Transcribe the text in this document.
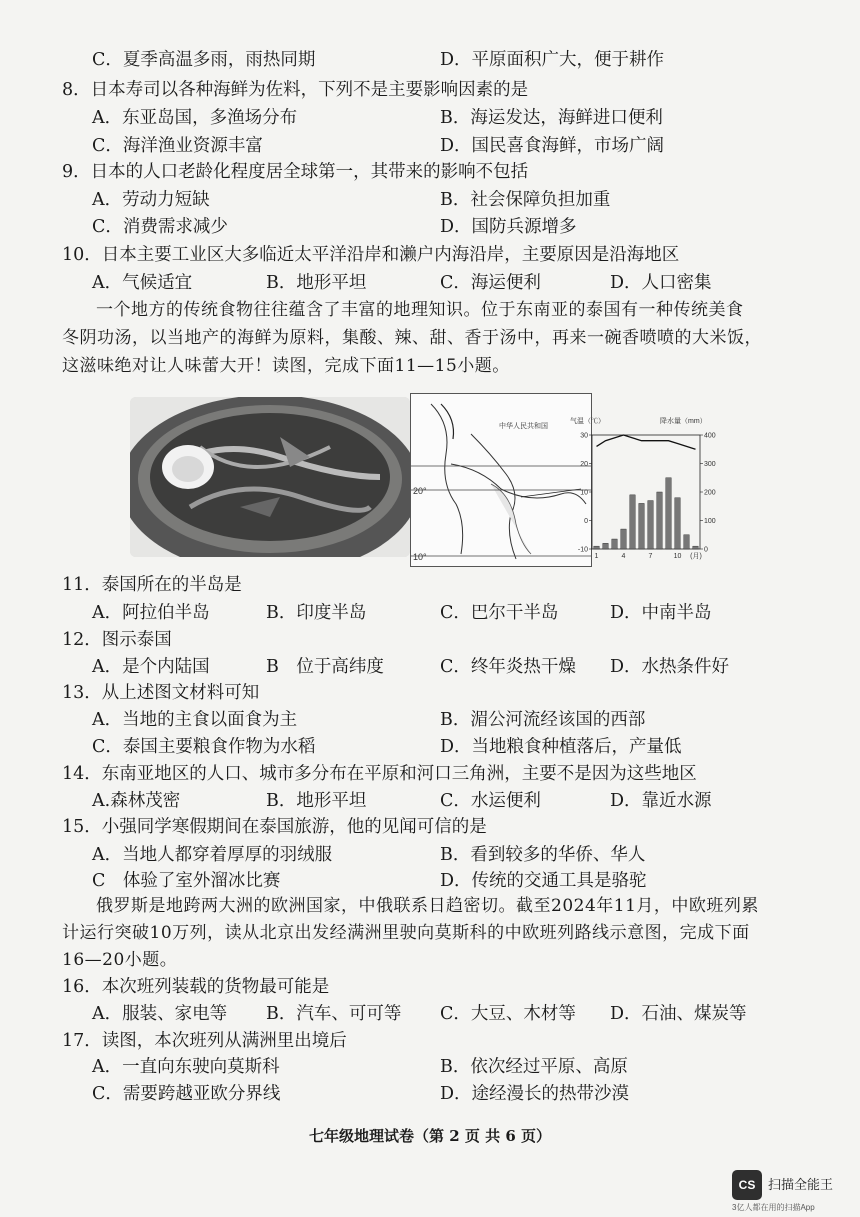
C．夏季高温多雨，雨热同期	D．平原面积广大，便于耕作
8．日本寿司以各种海鲜为佐料，下列不是主要影响因素的是
A．东亚岛国，多渔场分布	B．海运发达，海鲜进口便利
C．海洋渔业资源丰富	D．国民喜食海鲜，市场广阔
9．日本的人口老龄化程度居全球第一，其带来的影响不包括
A．劳动力短缺	B．社会保障负担加重
C．消费需求减少	D．国防兵源增多
10．日本主要工业区大多临近太平洋沿岸和濑户内海沿岸，主要原因是沿海地区
A．气候适宜	B．地形平坦	C．海运便利	D．人口密集
一个地方的传统食物往往蕴含了丰富的地理知识。位于东南亚的泰国有一种传统美食
冬阴功汤，以当地产的海鲜为原料，集酸、辣、甜、香于汤中，再来一碗香喷喷的大米饭，
这滋味绝对让人味蕾大开！读图，完成下面11—15小题。
中华人民共和国
20°
10°
气温（℃）	降水量（mm）
30
20
10
0
-10
400
300
200
100
0
1	4	7	10 (月)
11．泰国所在的半岛是
A．阿拉伯半岛	B．印度半岛	C．巴尔干半岛	D．中南半岛
12．图示泰国
A．是个内陆国	B　位于高纬度	C．终年炎热干燥 D．水热条件好
13．从上述图文材料可知
A．当地的主食以面食为主	B．湄公河流经该国的西部
C．泰国主要粮食作物为水稻	D．当地粮食种植落后，产量低
14．东南亚地区的人口、城市多分布在平原和河口三角洲，主要不是因为这些地区
A.森林茂密	B．地形平坦	C．水运便利	D．靠近水源
15．小强同学寒假期间在泰国旅游，他的见闻可信的是
A．当地人都穿着厚厚的羽绒服	B．看到较多的华侨、华人
C　体验了室外溜冰比赛	D．传统的交通工具是骆驼
俄罗斯是地跨两大洲的欧洲国家，中俄联系日趋密切。截至2024年11月，中欧班列累
计运行突破10万列，读从北京出发经满洲里驶向莫斯科的中欧班列路线示意图，完成下面
16—20小题。
16．本次班列装载的货物最可能是
A．服装、家电等 B．汽车、可可等 C．大豆、木材等 D．石油、煤炭等
17．读图，本次班列从满洲里出境后
A．一直向东驶向莫斯科	B．依次经过平原、高原
C．需要跨越亚欧分界线	D．途经漫长的热带沙漠
七年级地理试卷（第 2 页 共 6 页）
CS 扫描全能王
3亿人都在用的扫描App
